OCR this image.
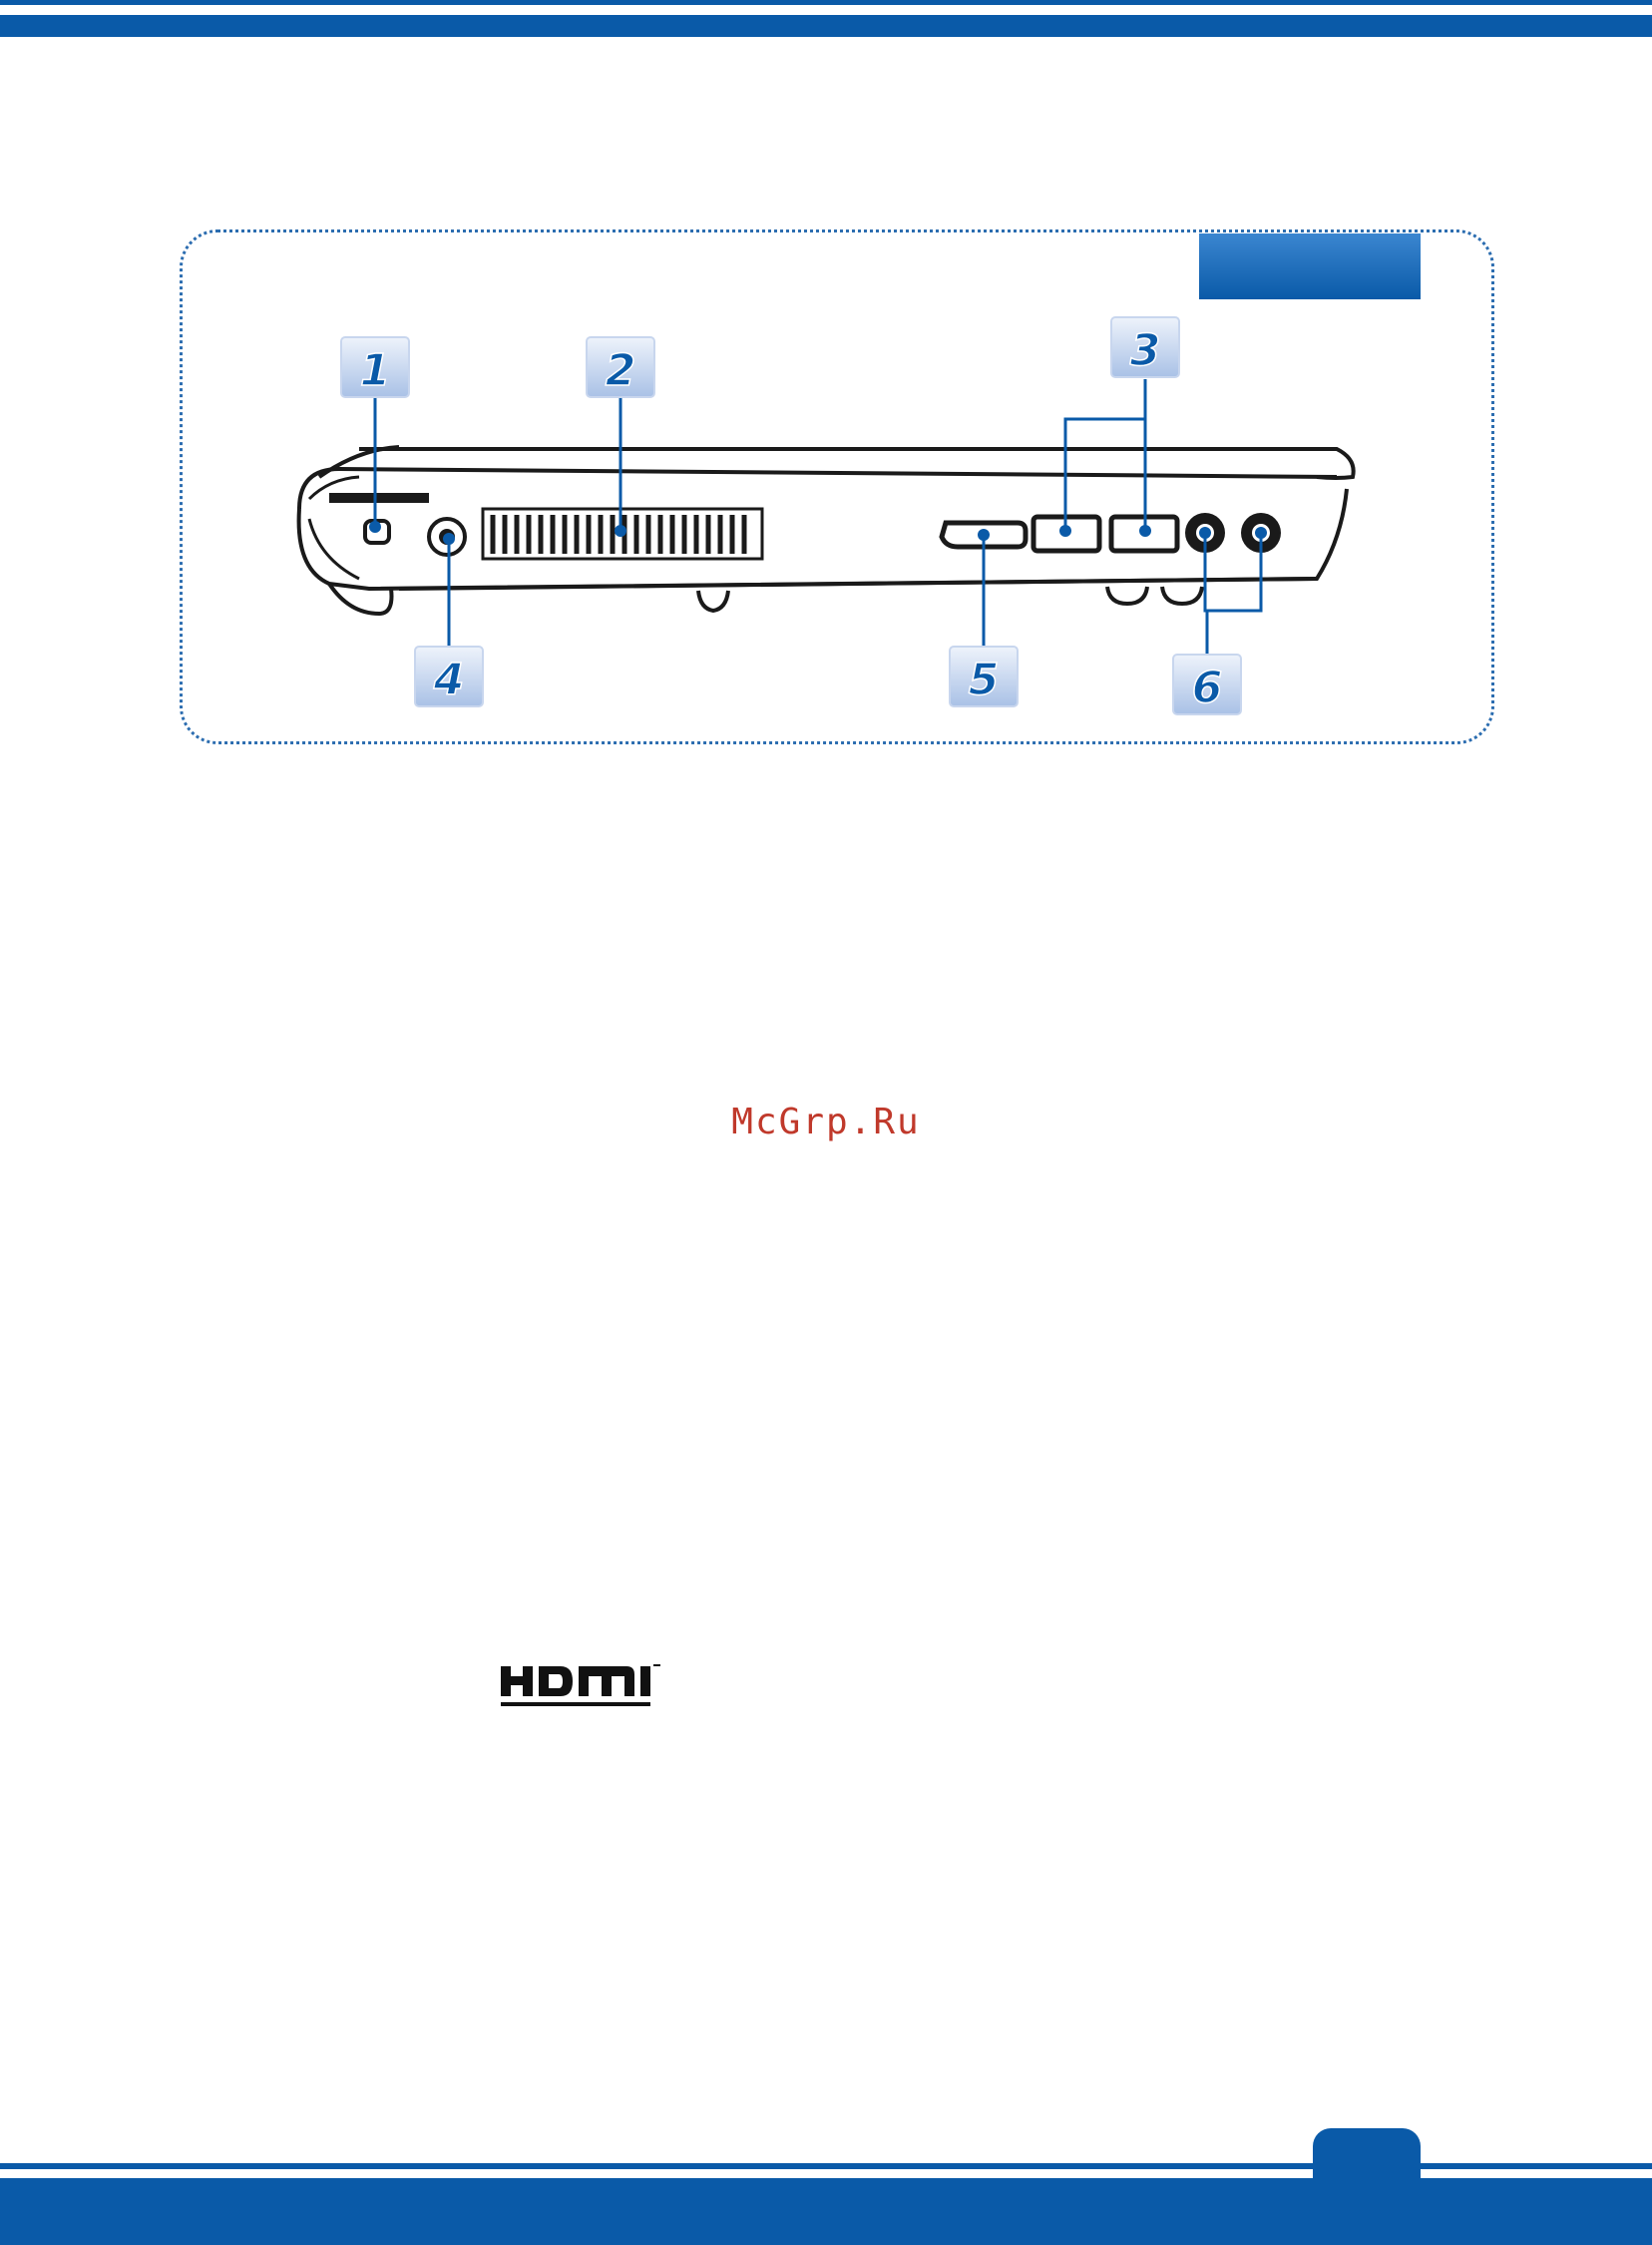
1	2	3
4	5	6
McGrp.Ru
